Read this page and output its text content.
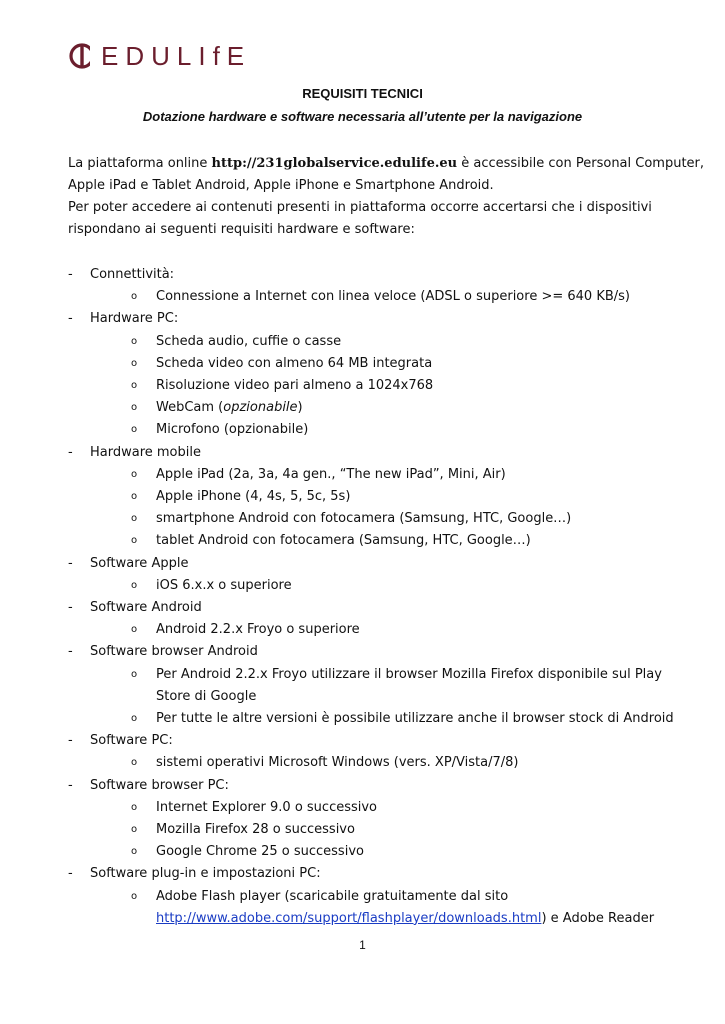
EDULIfE
REQUISITI TECNICI
Dotazione hardware e software necessaria all’utente per la navigazione

La piattaforma online http://231globalservice.edulife.eu è accessibile con Personal Computer,

Apple iPad e Tablet Android, Apple iPhone e Smartphone Android.

Per poter accedere ai contenuti presenti in piattaforma occorre accertarsi che i dispositivi

rispondano ai seguenti requisiti hardware e software:

-	Connettività:
o	Connessione a Internet con linea veloce (ADSL o superiore >= 640 KB/s)
-	Hardware PC:
o	Scheda audio, cuffie o casse
o	Scheda video con almeno 64 MB integrata
o	Risoluzione video pari almeno a 1024x768
o	WebCam (opzionabile)
o	Microfono (opzionabile)
-	Hardware mobile
o	Apple iPad (2a, 3a, 4a gen., “The new iPad”, Mini, Air)
o	Apple iPhone (4, 4s, 5, 5c, 5s)
o	smartphone Android con fotocamera (Samsung, HTC, Google…)
o	tablet Android con fotocamera (Samsung, HTC, Google…)
-	Software Apple
o	iOS 6.x.x o superiore
-	Software Android
o	Android 2.2.x Froyo o superiore
-	Software browser Android
o	Per Android 2.2.x Froyo utilizzare il browser Mozilla Firefox disponibile sul Play
Store di Google
o	Per tutte le altre versioni è possibile utilizzare anche il browser stock di Android
-	Software PC:
o	sistemi operativi Microsoft Windows (vers. XP/Vista/7/8)
-	Software browser PC:
o	Internet Explorer 9.0 o successivo
o	Mozilla Firefox 28 o successivo
o	Google Chrome 25 o successivo
-	Software plug-in e impostazioni PC:
o	Adobe Flash player (scaricabile gratuitamente dal sito
http://www.adobe.com/support/flashplayer/downloads.html) e Adobe Reader
1
